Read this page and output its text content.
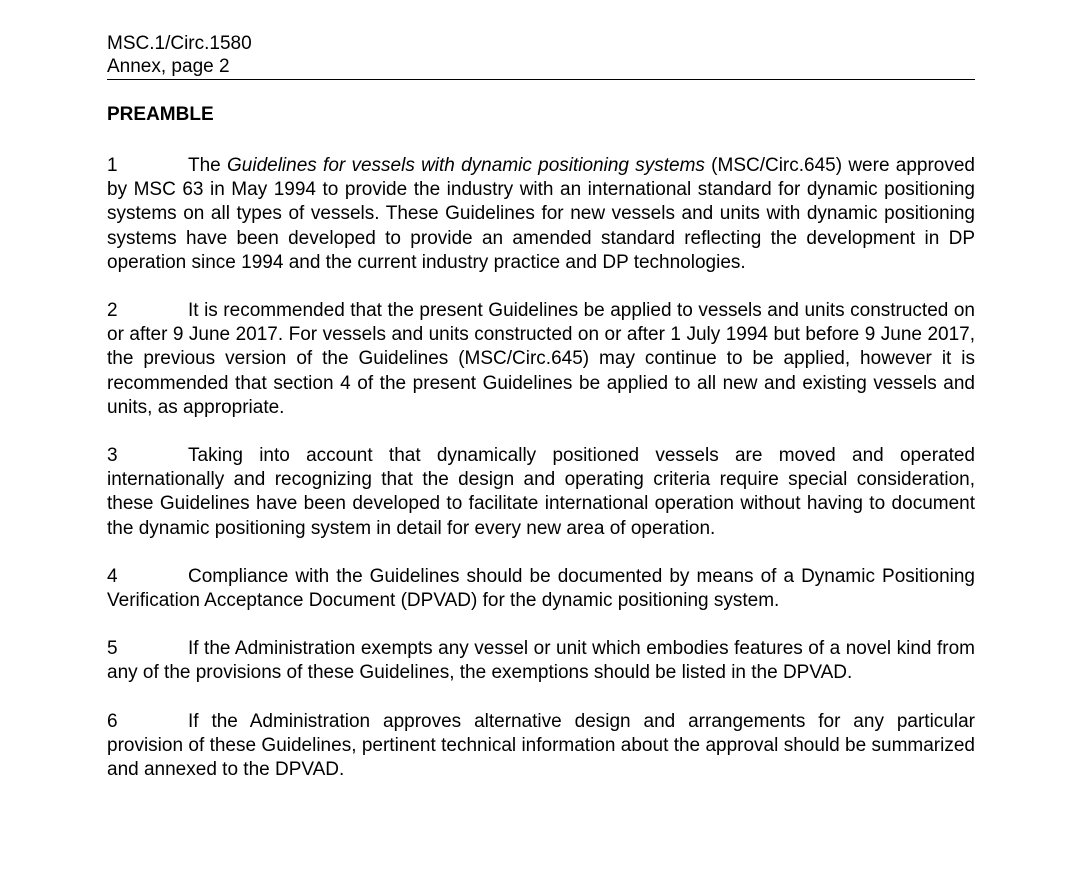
MSC.1/Circ.1580
Annex, page 2
PREAMBLE

1	The Guidelines for vessels with dynamic positioning systems (MSC/Circ.645) were approved by MSC 63 in May 1994 to provide the industry with an international standard for dynamic positioning systems on all types of vessels. These Guidelines for new vessels and units with dynamic positioning systems have been developed to provide an amended standard reflecting the development in DP operation since 1994 and the current industry practice and DP technologies.

2	It is recommended that the present Guidelines be applied to vessels and units constructed on or after 9 June 2017. For vessels and units constructed on or after 1 July 1994 but before 9 June 2017, the previous version of the Guidelines (MSC/Circ.645) may continue to be applied, however it is recommended that section 4 of the present Guidelines be applied to all new and existing vessels and units, as appropriate.

3	Taking into account that dynamically positioned vessels are moved and operated internationally and recognizing that the design and operating criteria require special consideration, these Guidelines have been developed to facilitate international operation without having to document the dynamic positioning system in detail for every new area of operation.

4	Compliance with the Guidelines should be documented by means of a Dynamic Positioning Verification Acceptance Document (DPVAD) for the dynamic positioning system.

5	If the Administration exempts any vessel or unit which embodies features of a novel kind from any of the provisions of these Guidelines, the exemptions should be listed in the DPVAD.

6	If the Administration approves alternative design and arrangements for any particular provision of these Guidelines, pertinent technical information about the approval should be summarized and annexed to the DPVAD.
